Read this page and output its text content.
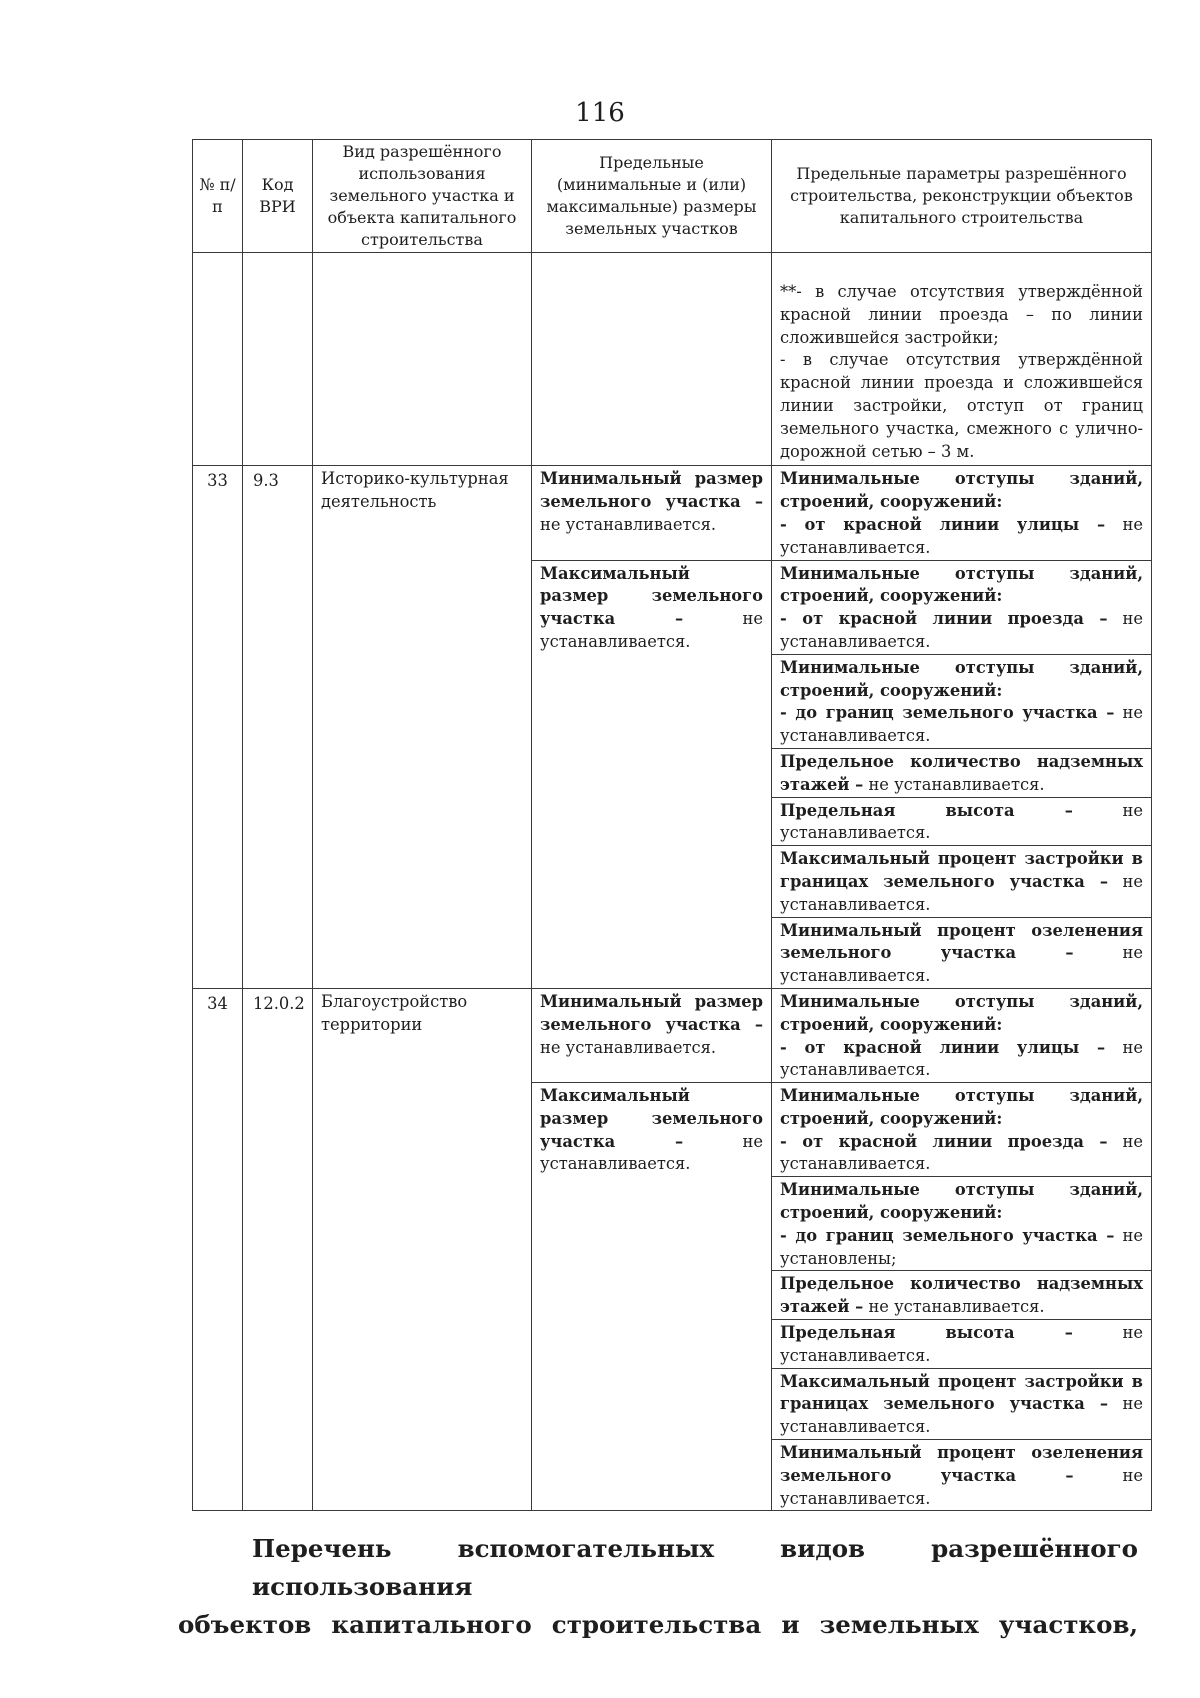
116
№ п/п	Код ВРИ	Вид разрешённого использования земельного участка и объекта капитального строительства	Предельные (минимальные и (или) максимальные) размеры земельных участков	Предельные параметры разрешённого строительства, реконструкции объектов капитального строительства
				**- в случае отсутствия утверждённой красной линии проезда – по линии сложившейся застройки;
- в случае отсутствия утверждённой красной линии проезда и сложившейся линии застройки, отступ от границ земельного участка, смежного с улично-дорожной сетью – 3 м.
33	9.3	Историко-культурная деятельность	Минимальный размер земельного участка – не устанавливается.	Минимальные отступы зданий, строений, сооружений:
- от красной линии улицы – не устанавливается.
			Максимальный размер земельного участка – не устанавливается.	Минимальные отступы зданий, строений, сооружений:
- от красной линии проезда – не устанавливается.
				Минимальные отступы зданий, строений, сооружений:
- до границ земельного участка – не устанавливается.
				Предельное количество надземных этажей – не устанавливается.
				Предельная высота – не устанавливается.
				Максимальный процент застройки в границах земельного участка – не устанавливается.
				Минимальный процент озеленения земельного участка – не устанавливается.
34	12.0.2	Благоустройство территории	Минимальный размер земельного участка – не устанавливается.	Минимальные отступы зданий, строений, сооружений:
- от красной линии улицы – не устанавливается.
			Максимальный размер земельного участка – не устанавливается.	Минимальные отступы зданий, строений, сооружений:
- от красной линии проезда – не устанавливается.
				Минимальные отступы зданий, строений, сооружений:
- до границ земельного участка – не установлены;
				Предельное количество надземных этажей – не устанавливается.
				Предельная высота – не устанавливается.
				Максимальный процент застройки в границах земельного участка – не устанавливается.
				Минимальный процент озеленения земельного участка – не устанавливается.
Перечень вспомогательных видов разрешённого использования
объектов капитального строительства и земельных участков,
